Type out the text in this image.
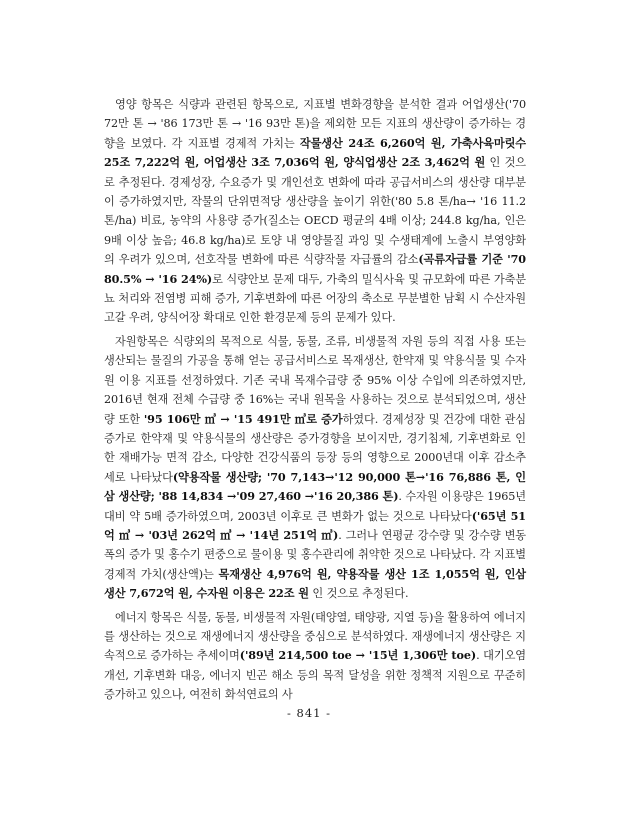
영양 항목은 식량과 관련된 항목으로, 지표별 변화경향을 분석한 결과 어업생산('70 72만 톤 → '86 173만 톤 → '16 93만 톤)을 제외한 모든 지표의 생산량이 증가하는 경향을 보였다. 각 지표별 경제적 가치는 작물생산 24조 6,260억 원, 가축사육마릿수 25조 7,222억 원, 어업생산 3조 7,036억 원, 양식업생산 2조 3,462억 원 인 것으로 추정된다. 경제성장, 수요증가 및 개인선호 변화에 따라 공급서비스의 생산량 대부분이 증가하였지만, 작물의 단위면적당 생산량을 높이기 위한('80 5.8 톤/ha→ '16 11.2 톤/ha) 비료, 농약의 사용량 증가(질소는 OECD 평균의 4배 이상; 244.8 kg/ha, 인은 9배 이상 높음; 46.8 kg/ha)로 토양 내 영양물질 과잉 및 수생태계에 노출시 부영양화의 우려가 있으며, 선호작물 변화에 따른 식량작물 자급률의 감소(곡류자급률 기준 '70 80.5% → '16 24%)로 식량안보 문제 대두, 가축의 밀식사육 및 규모화에 따른 가축분뇨 처리와 전염병 피해 증가, 기후변화에 따른 어장의 축소로 무분별한 남획 시 수산자원 고갈 우려, 양식어장 확대로 인한 환경문제 등의 문제가 있다.

자원항목은 식량외의 목적으로 식물, 동물, 조류, 비생물적 자원 등의 직접 사용 또는 생산되는 물질의 가공을 통해 얻는 공급서비스로 목재생산, 한약재 및 약용식물 및 수자원 이용 지표를 선정하였다. 기존 국내 목재수급량 중 95% 이상 수입에 의존하였지만, 2016년 현재 전체 수급량 중 16%는 국내 원목을 사용하는 것으로 분석되었으며, 생산량 또한 '95 106만 ㎥ → '15 491만 ㎥로 증가하였다. 경제성장 및 건강에 대한 관심 증가로 한약재 및 약용식물의 생산량은 증가경향을 보이지만, 경기침체, 기후변화로 인한 재배가능 면적 감소, 다양한 건강식품의 등장 등의 영향으로 2000년대 이후 감소추세로 나타났다(약용작물 생산량; '70 7,143→'12 90,000 톤→'16 76,886 톤, 인삼 생산량; '88 14,834 →'09 27,460 →'16 20,386 톤). 수자원 이용량은 1965년 대비 약 5배 증가하였으며, 2003년 이후로 큰 변화가 없는 것으로 나타났다('65년 51억 ㎥ → '03년 262억 ㎥ → '14년 251억 ㎥). 그러나 연평균 강수량 및 강수량 변동폭의 증가 및 홍수기 편중으로 물이용 및 홍수관리에 취약한 것으로 나타났다. 각 지표별 경제적 가치(생산액)는 목재생산 4,976억 원, 약용작물 생산 1조 1,055억 원, 인삼 생산 7,672억 원, 수자원 이용은 22조 원 인 것으로 추정된다.

에너지 항목은 식물, 동물, 비생물적 자원(태양열, 태양광, 지열 등)을 활용하여 에너지를 생산하는 것으로 재생에너지 생산량을 중심으로 분석하였다. 재생에너지 생산량은 지속적으로 증가하는 추세이며('89년 214,500 toe → '15년 1,306만 toe). 대기오염 개선, 기후변화 대응, 에너지 빈곤 해소 등의 목적 달성을 위한 정책적 지원으로 꾸준히 증가하고 있으나, 여전히 화석연료의 사

- 841 -
